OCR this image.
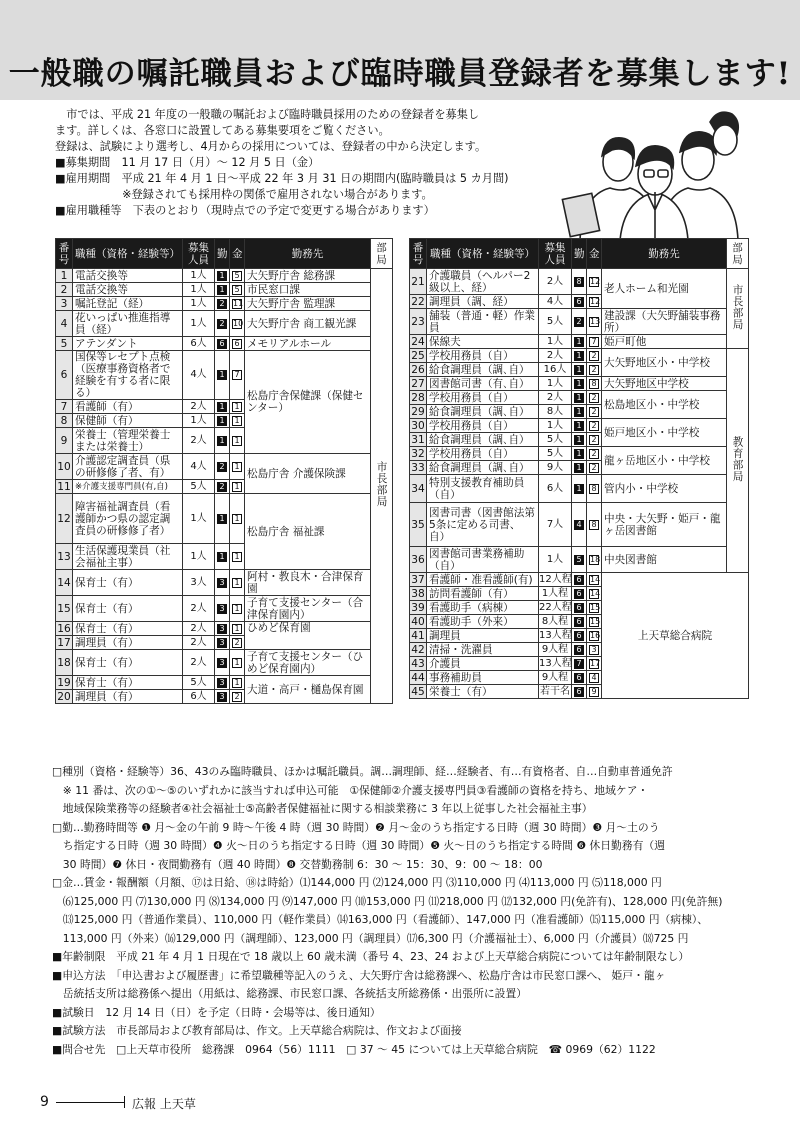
一般職の嘱託職員および臨時職員登録者を募集します!

市では、平成 21 年度の一般職の嘱託および臨時職員採用のための登録者を募集し

ます。詳しくは、各窓口に設置してある募集要項をご覧ください。

登録は、試験により選考し、4月からの採用については、登録者の中から決定します。

■募集期間　11 月 17 日（月）～ 12 月 5 日（金）

■雇用期間　平成 21 年 4 月 1 日～平成 22 年 3 月 31 日の期間内(臨時職員は 5 カ月間)

　　　　　　※登録されても採用枠の関係で雇用されない場合があります。

■雇用職種等　下表のとおり（現時点での予定で変更する場合があります）

番号	職種（資格・経験等）	募集人員	勤	金	勤務先	部局
1	電話交換等	1人	1	5	大矢野庁舎 総務課	市長部局
2	電話交換等	1人	1	5	市民窓口課	
3	嘱託登記（経）	1人	2	11	大矢野庁舎 監理課	
4	花いっぱい推進指導員（経）	1人	2	10	大矢野庁舎 商工観光課	
5	アテンダント	6人	6	6	メモリアルホール	
6	国保等レセプト点検（医療事務資格者で経験を有する者に限る）	4人	1	7	松島庁舎保健課（保健センター）	
7	看護師（有）	2人	1	1		
8	保健師（有）	1人	1	1		
9	栄養士（管理栄養士または栄養士）	2人	1	1		
10	介護認定調査員（県の研修修了者、有）	4人	2	1	松島庁舎 介護保険課	
11	※介護支援専門員(有,自)	5人	2	1		
12	障害福祉調査員（看護師かつ県の認定調査員の研修修了者）	1人	1	1	松島庁舎 福祉課	
13	生活保護現業員（社会福祉主事）	1人	1	1		
14	保育士（有）	3人	3	1	阿村・教良木・合津保育園	
15	保育士（有）	2人	3	1	子育て支援センター（合津保育園内）	
16	保育士（有）	2人	3	1	ひめど保育園	
17	調理員（有）	2人	3	2		
18	保育士（有）	2人	3	1	子育て支援センター（ひめど保育園内）	
19	保育士（有）	5人	3	1	大道・高戸・樋島保育園	
20	調理員（有）	6人	3	2		
番号	職種（資格・経験等）	募集人員	勤	金	勤務先	部局
21	介護職員（ヘルパー2級以上、経）	2人	8	12	老人ホーム和光園	市長部局
22	調理員（調、経）	4人	6	12		
23	舗装（普通・軽）作業員	5人	2	13	建設課（大矢野舗装事務所）	
24	保線夫	1人	1	7	姫戸町他	
25	学校用務員（自）	2人	1	2	大矢野地区小・中学校	教育部局
26	給食調理員（調､自）	16人	1	2		
27	図書館司書（有､自）	1人	1	8	大矢野地区中学校	
28	学校用務員（自）	2人	1	2	松島地区小・中学校	
29	給食調理員（調､自）	8人	1	2		
30	学校用務員（自）	1人	1	2	姫戸地区小・中学校	
31	給食調理員（調､自）	5人	1	2		
32	学校用務員（自）	5人	1	2	龍ヶ岳地区小・中学校	
33	給食調理員（調､自）	9人	1	2		
34	特別支援教育補助員（自）	6人	1	8	管内小・中学校	
35	図書司書（図書館法第5条に定める司書、自）	7人	4	8	中央・大矢野・姫戸・龍ヶ岳図書館	
36	図書館司書業務補助（自）	1人	5	18	中央図書館	
37	看護師・准看護師(有)	12人程	6	14	上天草総合病院	
38	訪問看護師（有）	1人程	6	14		
39	看護助手（病棟）	22人程	6	15		
40	看護助手（外来）	8人程	6	15		
41	調理員	13人程	6	16		
42	清掃・洗濯員	9人程	6	3		
43	介護員	13人程	7	17		
44	事務補助員	9人程	6	4		
45	栄養士（有）	若干名	6	9		

□種別（資格・経験等）36、43のみ臨時職員、ほかは嘱託職員。調…調理師、経…経験者、有…有資格者、自…自動車普通免許

　※ 11 番は、次の①～⑤のいずれかに該当すれば申込可能　①保健師②介護支援専門員③看護師の資格を持ち、地域ケア・

　地域保険業務等の経験者④社会福祉士⑤高齢者保健福祉に関する相談業務に 3 年以上従事した社会福祉主事）

□勤…勤務時間等 ❶ 月～金の午前 9 時～午後 4 時（週 30 時間）❷ 月～金のうち指定する日時（週 30 時間）❸ 月～土のう

　ち指定する日時（週 30 時間）❹ 火～日のうち指定する日時（週 30 時間）❺ 火～日のうち指定する時間 ❻ 休日勤務有（週

　30 時間）❼ 休日・夜間勤務有（週 40 時間）❽ 交替勤務制 6：30 ～ 15：30、9：00 ～ 18：00

□金…賃金・報酬額（月額、⑰は日給、⑱は時給）⑴144,000 円 ⑵124,000 円 ⑶110,000 円 ⑷113,000 円 ⑸118,000 円

　⑹125,000 円 ⑺130,000 円 ⑻134,000 円 ⑼147,000 円 ⑽153,000 円 ⑾218,000 円 ⑿132,000 円(免許有)、128,000 円(免許無)

　⒀125,000 円（普通作業員）、110,000 円（軽作業員）⒁163,000 円（看護師）、147,000 円（准看護師）⒂115,000 円（病棟）、

　113,000 円（外来）⒃129,000 円（調理師）、123,000 円（調理員）⒄6,300 円（介護福祉士）、6,000 円（介護員）⒅725 円

■年齢制限　平成 21 年 4 月 1 日現在で 18 歳以上 60 歳未満（番号 4、23、24 および上天草総合病院については年齢制限なし）

■申込方法　「申込書および履歴書」に希望職種等記入のうえ、大矢野庁舎は総務課へ、松島庁舎は市民窓口課へ、 姫戸・龍ヶ

　岳統括支所は総務係へ提出（用紙は、総務課、市民窓口課、各統括支所総務係・出張所に設置）

■試験日　12 月 14 日（日）を予定（日時・会場等は、後日通知）

■試験方法　市長部局および教育部局は、作文。上天草総合病院は、作文および面接

■問合せ先　□上天草市役所　総務課　0964（56）1111　□ 37 ～ 45 については上天草総合病院　☎ 0969（62）1122

9	広報 上天草
